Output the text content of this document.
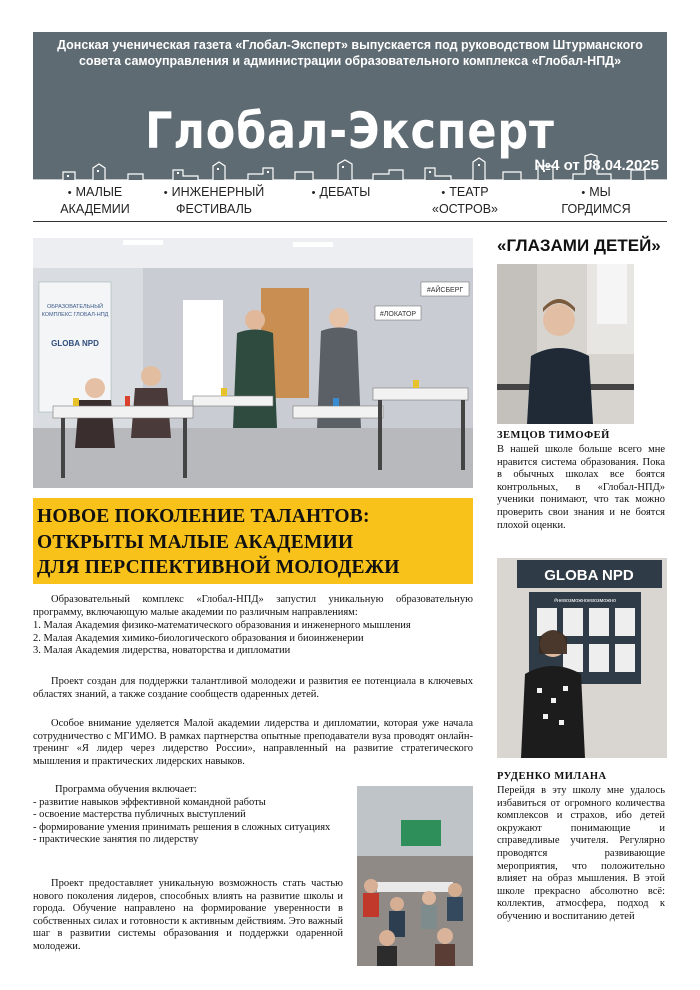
Донская ученическая газета «Глобал-Эксперт» выпускается под руководством Штурманского
совета самоуправления и администрации образовательного комплекса «Глобал-НПД»
Глобал-Эксперт
№4 от 08.04.2025
• МАЛЫЕ
АКАДЕМИИ
• ИНЖЕНЕРНЫЙ
ФЕСТИВАЛЬ
• ДЕБАТЫ	• ТЕАТР
«ОСТРОВ»
• МЫ
ГОРДИМСЯ
ОБРАЗОВАТЕЛЬНЫЙ
КОМПЛЕКС ГЛОБАЛ-НПД
GLOBA NPD
#АЙСБЕРГ
#ЛОКАТОР
НОВОЕ ПОКОЛЕНИЕ ТАЛАНТОВ:
ОТКРЫТЫ МАЛЫЕ АКАДЕМИИ
ДЛЯ ПЕРСПЕКТИВНОЙ МОЛОДЕЖИ
Образовательный комплекс «Глобал-НПД» запустил уникальную образовательную программу, включающую малые академии по различным направлениям:
1. Малая Академия физико-математического образования и инженерного мышления
2. Малая Академия химико-биологического образования и биоинженерии
3. Малая Академия лидерства, новаторства и дипломатии
Проект создан для поддержки талантливой молодежи и развития ее потенциала в ключевых областях знаний, а также создание сообществ одаренных детей.
Особое внимание уделяется Малой академии лидерства и дипломатии, которая уже начала сотрудничество с МГИМО. В рамках партнерства опытные преподаватели вуза проводят онлайн-тренинг «Я лидер через лидерство России», направленный на развитие стратегического мышления и практических лидерских навыков.
Программа обучения включает:
- развитие навыков эффективной командной работы
- освоение мастерства публичных выступлений
- формирование умения принимать решения в сложных ситуациях
- практические занятия по лидерству
Проект предоставляет уникальную возможность стать частью нового поколения лидеров, способных влиять на развитие школы и города. Обучение направлено на формирование уверенности в собственных силах и готовности к активным действиям. Это важный шаг в развитии системы образования и поддержки одаренной молодежи.
«ГЛАЗАМИ ДЕТЕЙ»
ЗЕМЦОВ ТИМОФЕЙ
В нашей школе больше всего мне нравится система образования. Пока в обычных школах все боятся контрольных, в «Глобал-НПД» ученики понимают, что так можно проверить свои знания и не боятся плохой оценки.
GLOBA NPD
#невозможноевозможно
РУДЕНКО МИЛАНА
Перейдя в эту школу мне удалось избавиться от огромного количества комплексов и страхов, ибо детей окружают понимающие и справедливые учителя. Регулярно проводятся развивающие мероприятия, что положительно влияет на образ мышления. В этой школе прекрасно абсолютно всё: коллектив, атмосфера, подход к обучению и воспитанию детей
